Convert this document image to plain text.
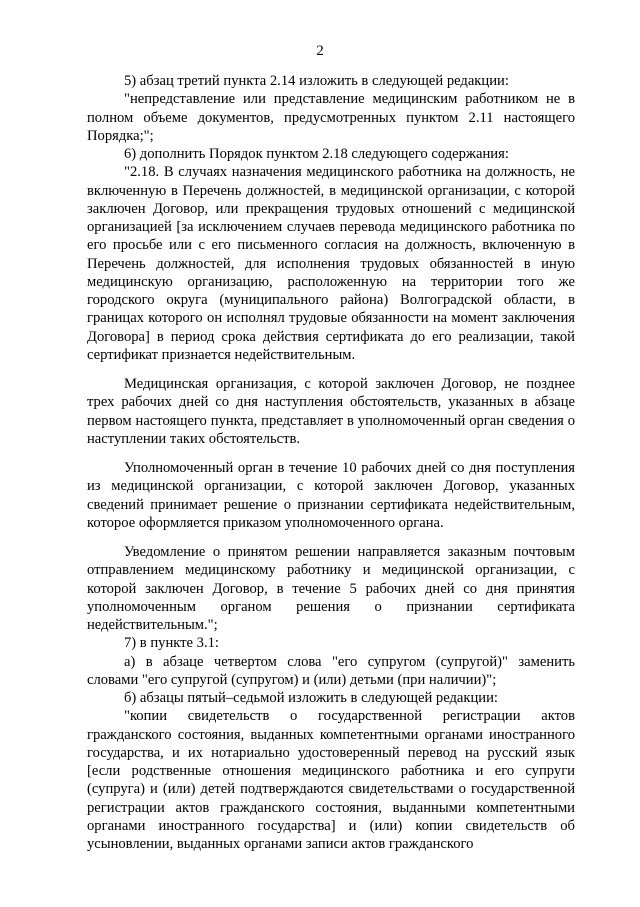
2

5) абзац третий пункта 2.14 изложить в следующей редакции:

"непредставление или представление медицинским работником не в полном объеме документов, предусмотренных пунктом 2.11 настоящего Порядка;";

6) дополнить Порядок пунктом 2.18 следующего содержания:

"2.18. В случаях назначения медицинского работника на должность, не включенную в Перечень должностей, в медицинской организации, с которой заключен Договор, или прекращения трудовых отношений с медицинской организацией [за исключением случаев перевода медицинского работника по его просьбе или с его письменного согласия на должность, включенную в Перечень должностей, для исполнения трудовых обязанностей в иную медицинскую организацию, расположенную на территории того же городского округа (муниципального района) Волгоградской области, в границах которого он исполнял трудовые обязанности на момент заключения Договора] в период срока действия сертификата до его реализации, такой сертификат признается недействительным.

Медицинская организация, с которой заключен Договор, не позднее трех рабочих дней со дня наступления обстоятельств, указанных в абзаце первом настоящего пункта, представляет в уполномоченный орган сведения о наступлении таких обстоятельств.

Уполномоченный орган в течение 10 рабочих дней со дня поступления из медицинской организации, с которой заключен Договор, указанных сведений принимает решение о признании сертификата недействительным, которое оформляется приказом уполномоченного органа.

Уведомление о принятом решении направляется заказным почтовым отправлением медицинскому работнику и медицинской организации, с которой заключен Договор, в течение 5 рабочих дней со дня принятия уполномоченным органом решения о признании сертификата недействительным.";

7) в пункте 3.1:

а) в абзаце четвертом слова "его супругом (супругой)" заменить словами "его супругой (супругом) и (или) детьми (при наличии)";

б) абзацы пятый–седьмой изложить в следующей редакции:

"копии свидетельств о государственной регистрации актов гражданского состояния, выданных компетентными органами иностранного государства, и их нотариально удостоверенный перевод на русский язык [если родственные отношения медицинского работника и его супруги (супруга) и (или) детей подтверждаются свидетельствами о государственной регистрации актов гражданского состояния, выданными компетентными органами иностранного государства] и (или) копии свидетельств об усыновлении, выданных органами записи актов гражданского
